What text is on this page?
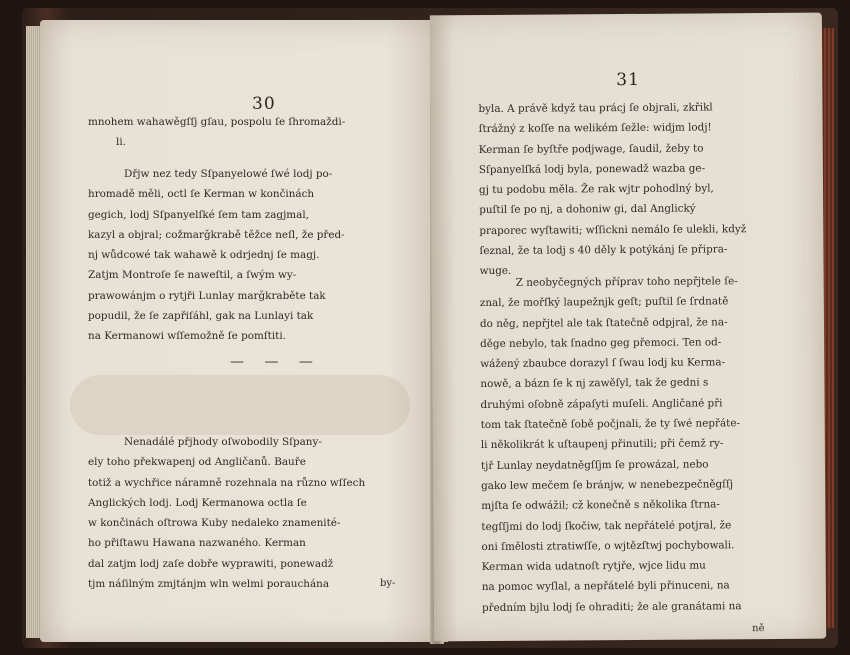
30
mnohem wahawěgſſj gſau, pospolu ſe ſhromaždi-
li.
Dřjw nez tedy Sſpanyelowé ſwé lodj po-
hromadě měli, octl ſe Kerman w končinách
gegich, lodj Sſpanyelſké ſem tam zagjmal,
kazyl a objral; cožmarǧkrabě těžce neſl, že před-
nj wůdcowé tak wahawě k odrjednj ſe magj.
Zatjm Montroſe ſe naweſtil, a ſwým wy-
prawowánjm o rytjři Lunlay marǧkraběte tak
popudil, že ſe zapřiſáhl, gak na Lunlayi tak
na Kermanowi wſſemožně ſe pomſtiti.
— — —
Nenadálé přjhody oſwobodily Sſpany-
ely toho překwapenj od Angličanů. Bauře
totiž a wychřice náramně rozehnala na různo wſſech
Anglických lodj. Lodj Kermanowa octla ſe
w končinách oſtrowa Kuby nedaleko znamenité-
ho přiſtawu Hawana nazwaného. Kerman
dal zatjm lodj zaſe dobře wyprawiti, ponewadž
tjm náſilným zmjtánjm wln welmi porauchána	by-
31
byla. A právě když tau prácj ſe objrali, zkřikl
ſtrážný z koſſe na welikém ſežle: widjm lodj!
Kerman ſe byſtře podjwage, ſaudil, žeby to
Sſpanyelſká lodj byla, ponewadž wazba ge-
gj tu podobu měla. Že rak wjtr pohodlný byl,
puſtil ſe po nj, a dohoniw gi, dal Anglický
praporec wyſtawiti; wſſickni nemálo ſe ulekli, když
ſeznal, že ta lodj s 40 děly k potýkánj ſe připra-
wuge.
Z neobyčegných příprav toho nepřjtele ſe-
znal, že mořſký laupežnjk geſt; puſtil ſe ſrdnatě
do něg, nepřjtel ale tak ſtatečně odpjral, že na-
děge nebylo, tak ſnadno geg přemoci. Ten od-
wážený zbaubce dorazyl ſ ſwau lodj ku Kerma-
nowě, a bázn ſe k nj zawěſyl, tak že gedni s
druhými oſobně zápaſyti muſeli. Angličané při
tom tak ſtatečně ſobě počjnali, že ty ſwé nepřáte-
li několikrát k uſtaupenj přinutili; při čemž ry-
tjř Lunlay neydatněgſſjm ſe prowázal, nebo
gako lew mečem ſe bránjw, w nenebezpečněgſſj
mjſta ſe odwážil; cž konečně s několika ſtrna-
tegſſjmi do lodj ſkočiw, tak nepřátelé potjral, že
oni ſmělosti ztratiwſſe, o wjtězſtwj pochybowali.
Kerman wida udatnoſt rytjře, wjce lidu mu
na pomoc wyſlal, a nepřátelé byli přinuceni, na
předním bjlu lodj ſe ohraditi; že ale granátami na
ně
